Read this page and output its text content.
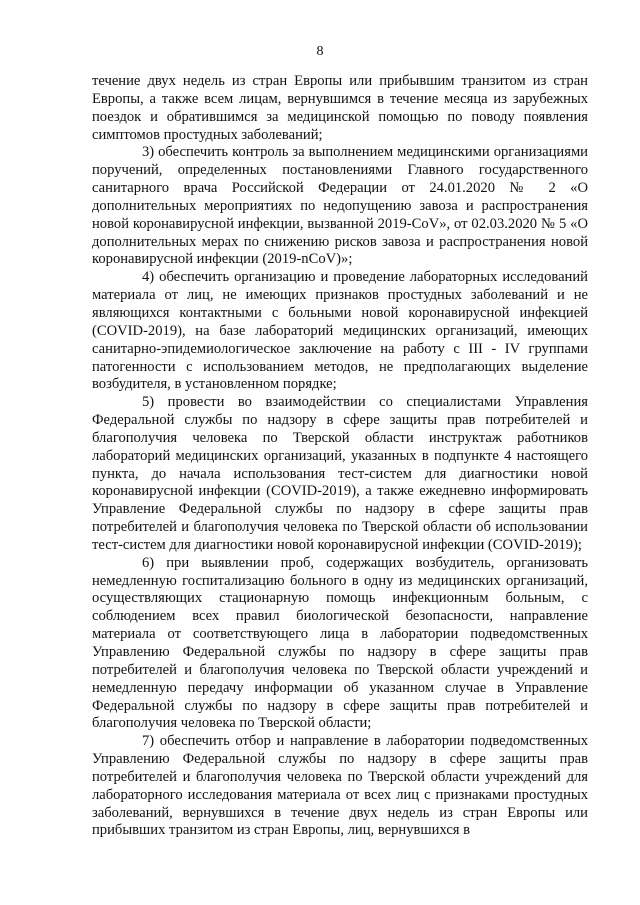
8

течение двух недель из стран Европы или прибывшим транзитом из стран Европы, а также всем лицам, вернувшимся в течение месяца из зарубежных поездок и обратившимся за медицинской помощью по поводу появления симптомов простудных заболеваний;

3) обеспечить контроль за выполнением медицинскими организациями поручений, определенных постановлениями Главного государственного санитарного врача Российской Федерации от 24.01.2020 № 2 «О дополнительных мероприятиях по недопущению завоза и распространения новой коронавирусной инфекции, вызванной 2019-CoV», от 02.03.2020 № 5 «О дополнительных мерах по снижению рисков завоза и распространения новой коронавирусной инфекции (2019-nCoV)»;

4) обеспечить организацию и проведение лабораторных исследований материала от лиц, не имеющих признаков простудных заболеваний и не являющихся контактными с больными новой коронавирусной инфекцией (COVID-2019), на базе лабораторий медицинских организаций, имеющих санитарно-эпидемиологическое заключение на работу с III - IV группами патогенности с использованием методов, не предполагающих выделение возбудителя, в установленном порядке;

5) провести во взаимодействии со специалистами Управления Федеральной службы по надзору в сфере защиты прав потребителей и благополучия человека по Тверской области инструктаж работников лабораторий медицинских организаций, указанных в подпункте 4 настоящего пункта, до начала использования тест-систем для диагностики новой коронавирусной инфекции (COVID-2019), а также ежедневно информировать Управление Федеральной службы по надзору в сфере защиты прав потребителей и благополучия человека по Тверской области об использовании тест-систем для диагностики новой коронавирусной инфекции (COVID-2019);

6) при выявлении проб, содержащих возбудитель, организовать немедленную госпитализацию больного в одну из медицинских организаций, осуществляющих стационарную помощь инфекционным больным, с соблюдением всех правил биологической безопасности, направление материала от соответствующего лица в лаборатории подведомственных Управлению Федеральной службы по надзору в сфере защиты прав потребителей и благополучия человека по Тверской области учреждений и немедленную передачу информации об указанном случае в Управление Федеральной службы по надзору в сфере защиты прав потребителей и благополучия человека по Тверской области;

7) обеспечить отбор и направление в лаборатории подведомственных Управлению Федеральной службы по надзору в сфере защиты прав потребителей и благополучия человека по Тверской области учреждений для лабораторного исследования материала от всех лиц с признаками простудных заболеваний, вернувшихся в течение двух недель из стран Европы или прибывших транзитом из стран Европы, лиц, вернувшихся в
